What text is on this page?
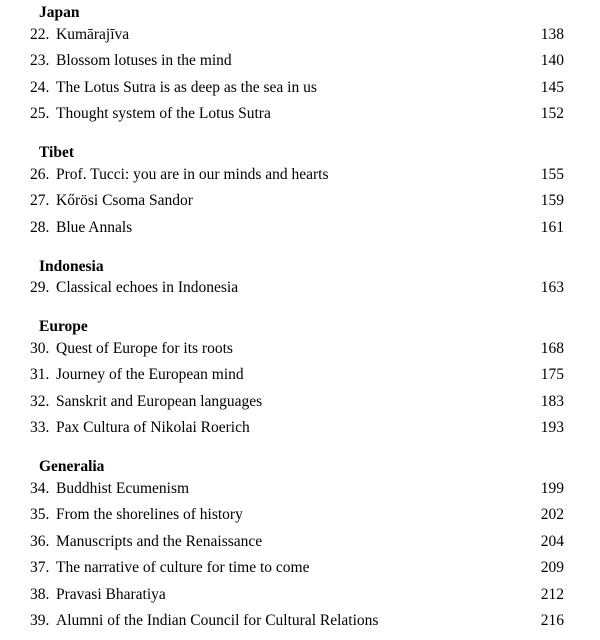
Japan
22. Kumārajīva	138
23. Blossom lotuses in the mind	140
24. The Lotus Sutra is as deep as the sea in us	145
25. Thought system of the Lotus Sutra	152
Tibet
26. Prof. Tucci: you are in our minds and hearts	155
27. Kőrösi Csoma Sandor	159
28. Blue Annals	161
Indonesia
29. Classical echoes in Indonesia	163
Europe
30. Quest of Europe for its roots	168
31. Journey of the European mind	175
32. Sanskrit and European languages	183
33. Pax Cultura of Nikolai Roerich	193
Generalia
34. Buddhist Ecumenism	199
35. From the shorelines of history	202
36. Manuscripts and the Renaissance	204
37. The narrative of culture for time to come	209
38. Pravasi Bharatiya	212
39. Alumni of the Indian Council for Cultural Relations	216
